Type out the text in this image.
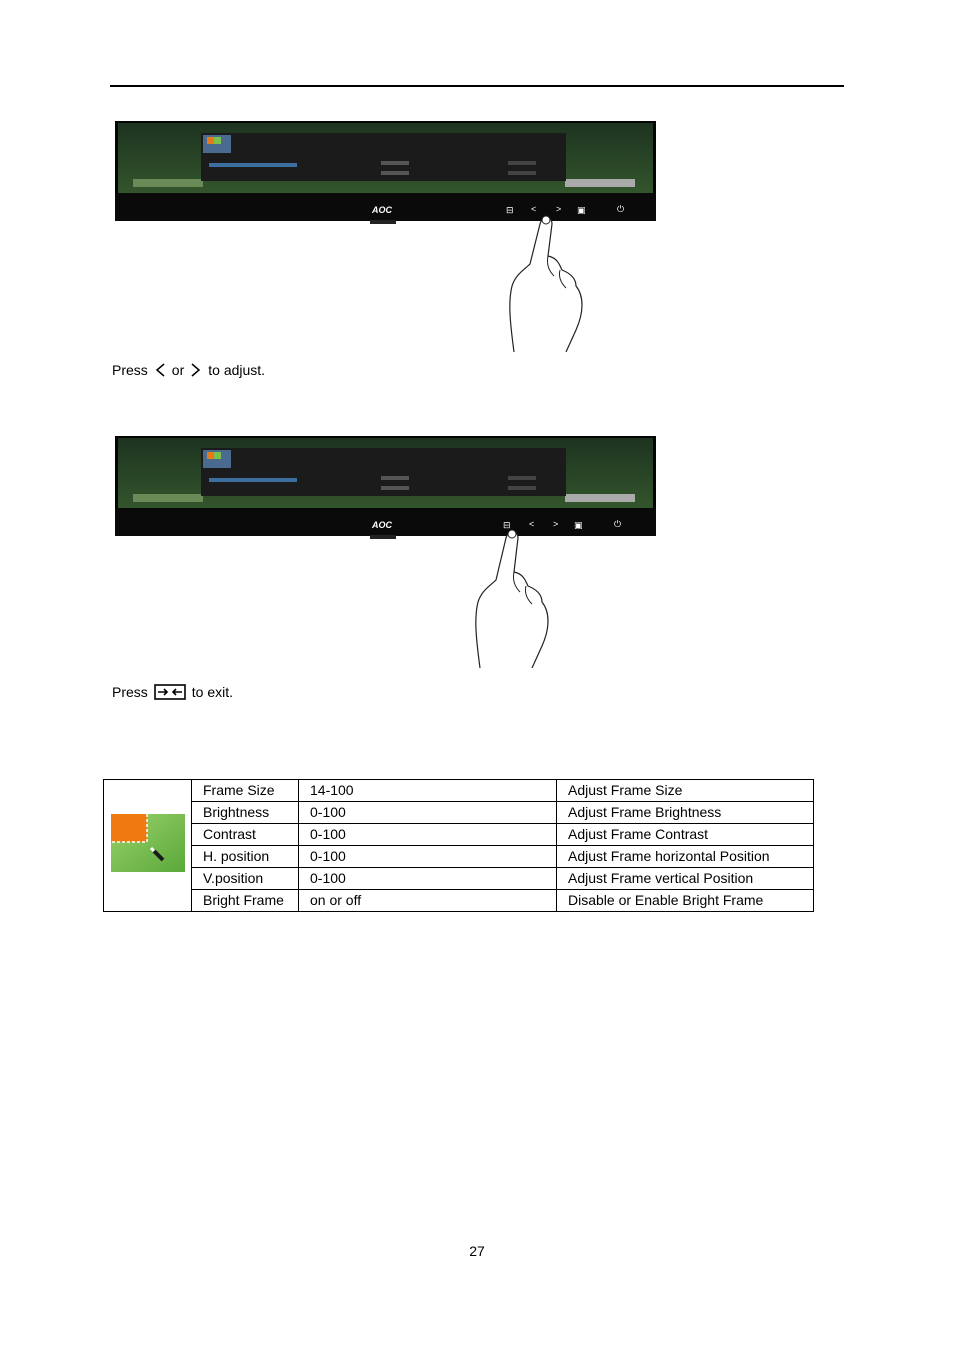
AOC	⊟ < > ▣	⏻
Press or to adjust.
AOC	⊟ < > ▣	⏻
Press	to exit.
	Frame Size	14-100	Adjust Frame Size
	Brightness	0-100	Adjust Frame Brightness
	Contrast	0-100	Adjust Frame Contrast
	H. position	0-100	Adjust Frame horizontal Position
	V.position	0-100	Adjust Frame vertical Position
	Bright Frame	on or off	Disable or Enable Bright Frame
27
